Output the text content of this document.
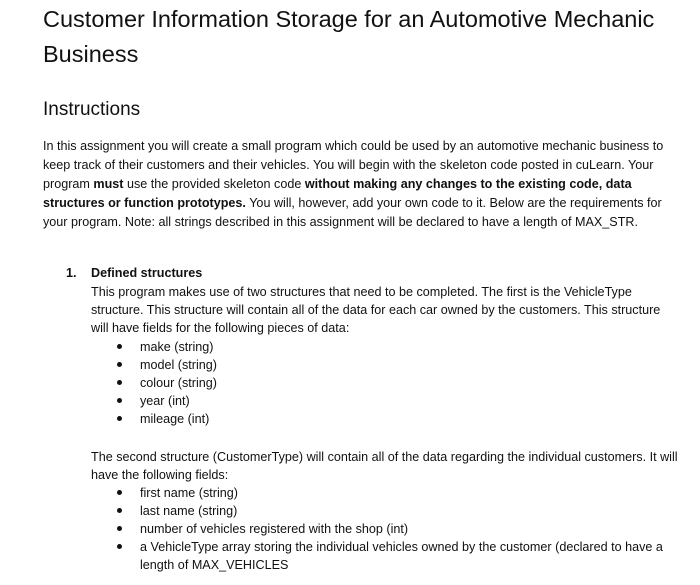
Customer Information Storage for an Automotive Mechanic Business
Instructions

In this assignment you will create a small program which could be used by an automotive mechanic business to keep track of their customers and their vehicles. You will begin with the skeleton code posted in cuLearn. Your program must use the provided skeleton code without making any changes to the existing code, data structures or function prototypes. You will, however, add your own code to it. Below are the requirements for your program. Note: all strings described in this assignment will be declared to have a length of MAX_STR.

1. Defined structures

This program makes use of two structures that need to be completed. The first is the VehicleType structure. This structure will contain all of the data for each car owned by the customers. This structure will have fields for the following pieces of data:

make (string)
model (string)
colour (string)
year (int)
mileage (int)

The second structure (CustomerType) will contain all of the data regarding the individual customers. It will have the following fields:

first name (string)
last name (string)
number of vehicles registered with the shop (int)
a VehicleType array storing the individual vehicles owned by the customer (declared to have a length of MAX_VEHICLES
